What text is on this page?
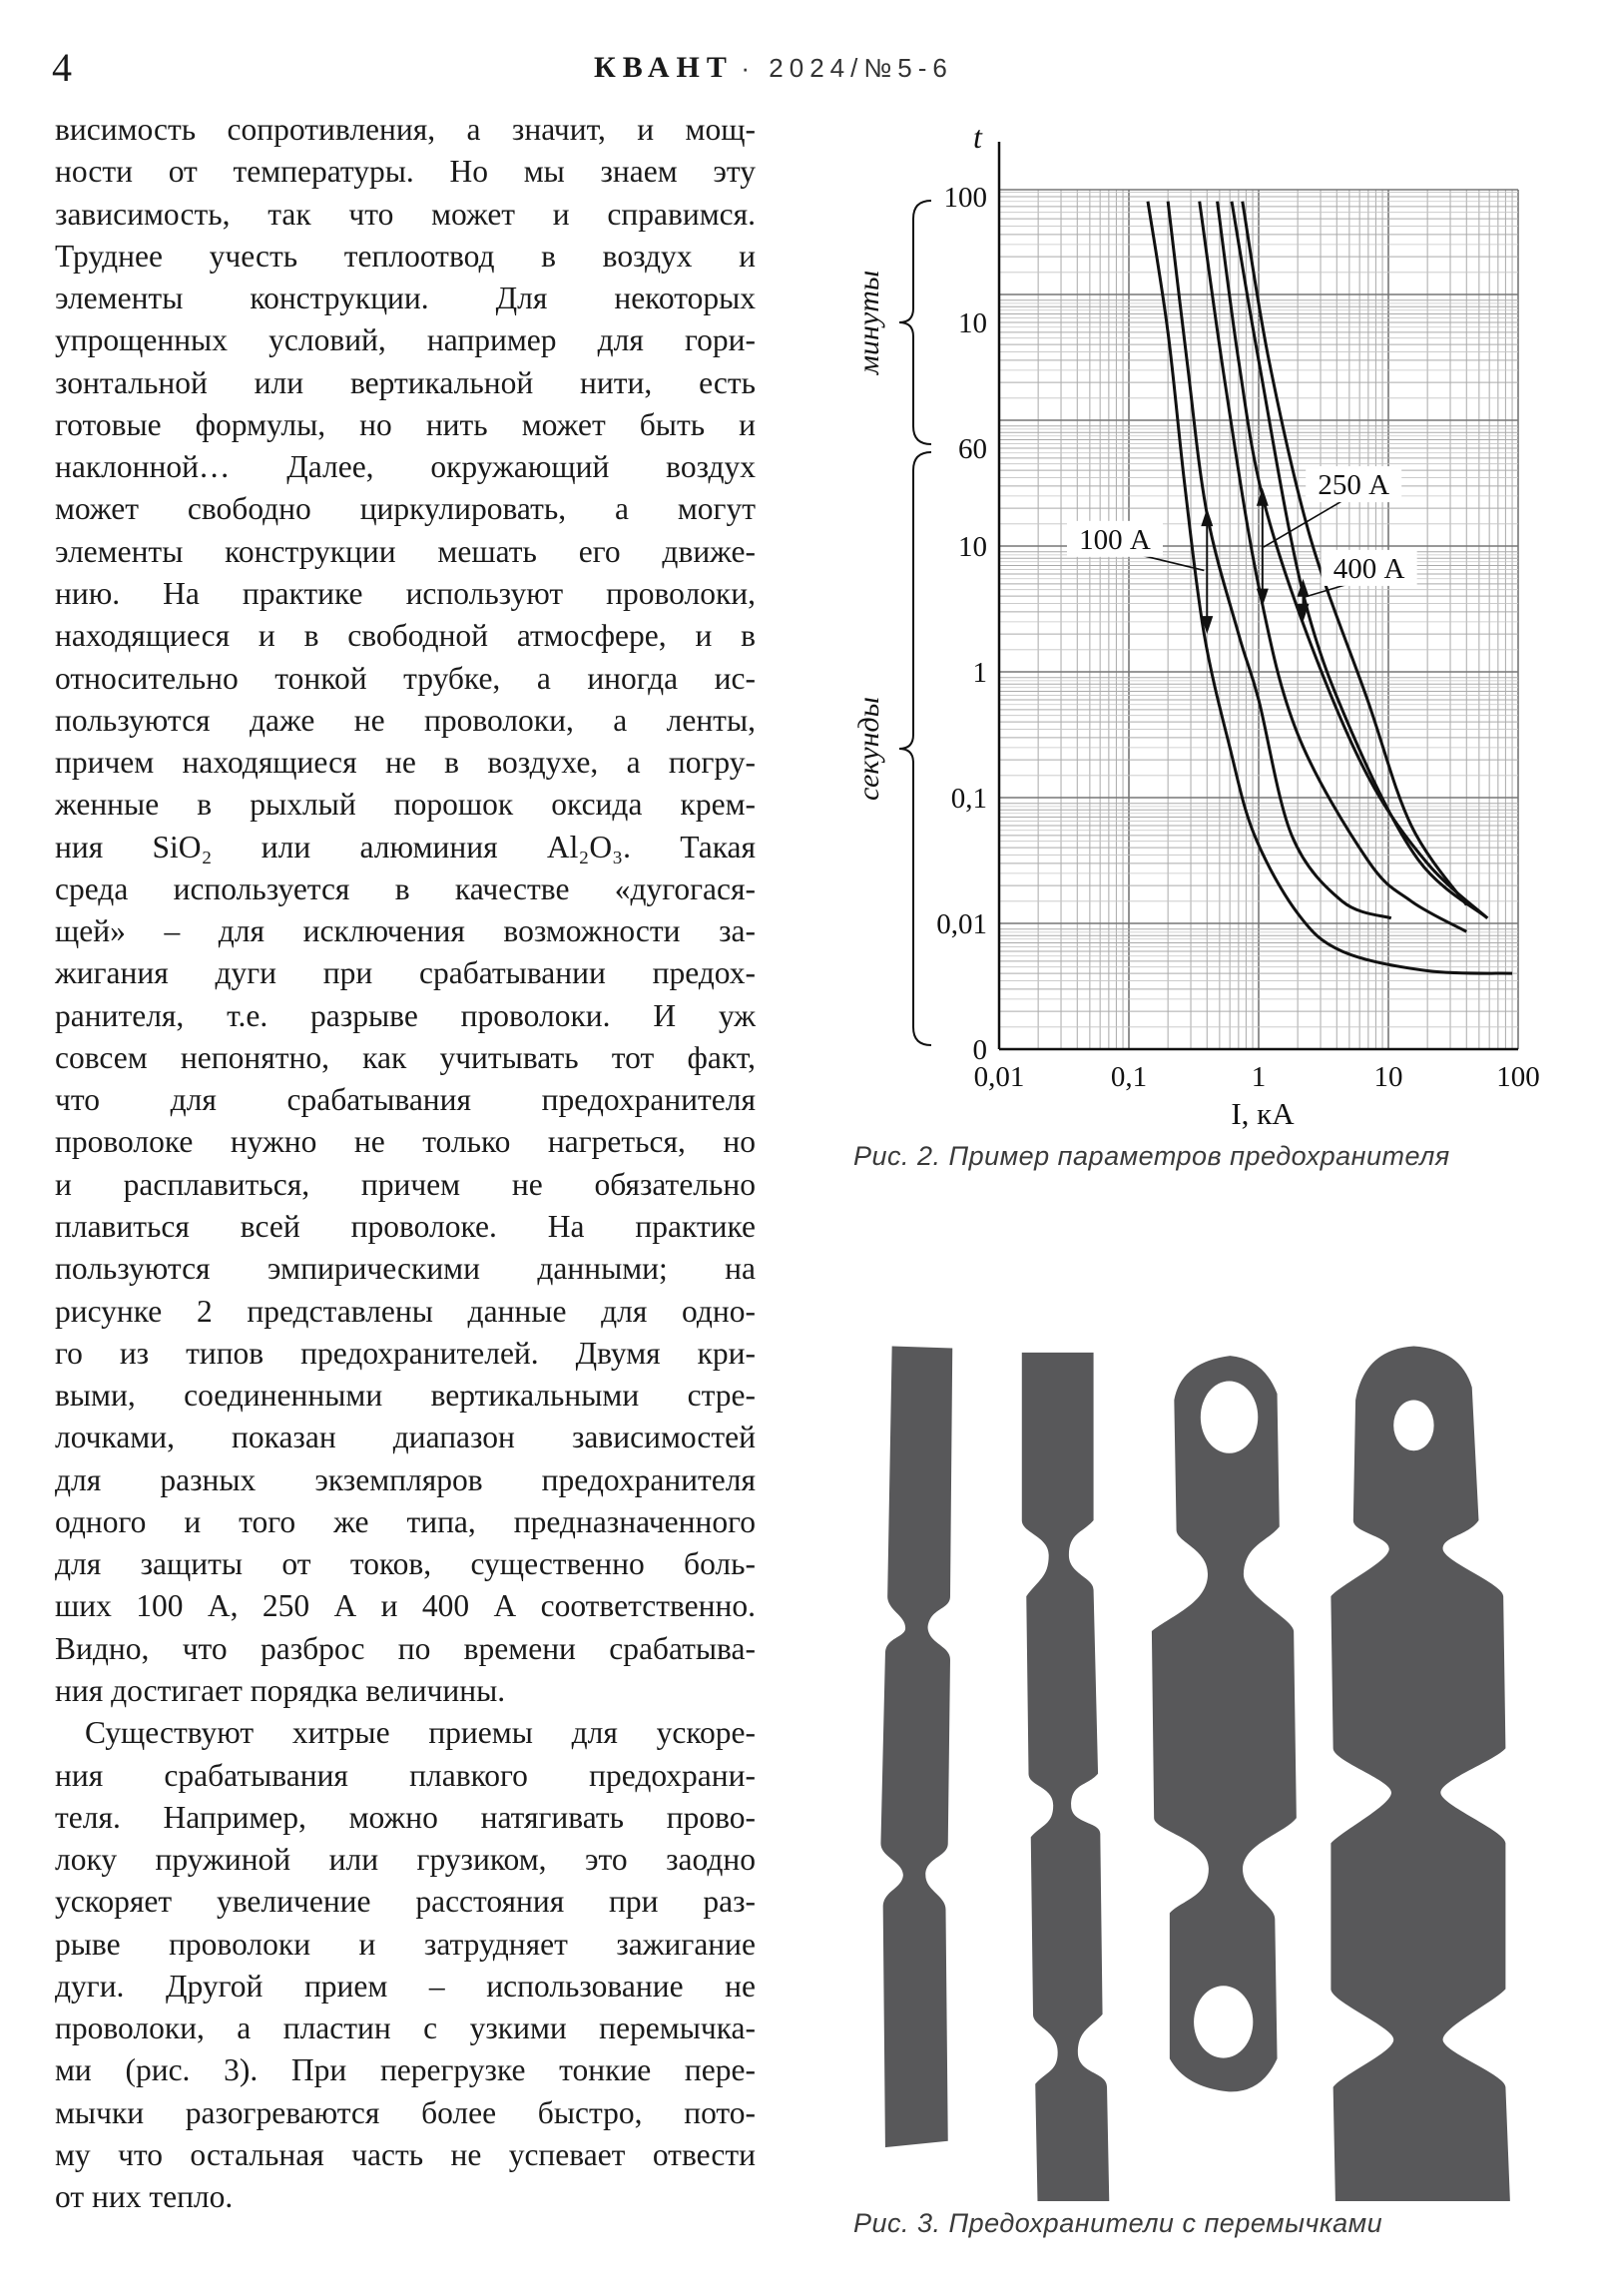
4	КВАНТ · 2024/№5-6
висимость сопротивления, а значит, и мощ-
ности от температуры. Но мы знаем эту
зависимость, так что может и справимся.
Труднее учесть теплоотвод в воздух и
элементы конструкции. Для некоторых
упрощенных условий, например для гори-
зонтальной или вертикальной нити, есть
готовые формулы, но нить может быть и
наклонной… Далее, окружающий воздух
может свободно циркулировать, а могут
элементы конструкции мешать его движе-
нию. На практике используют проволоки,
находящиеся и в свободной атмосфере, и в
относительно тонкой трубке, а иногда ис-
пользуются даже не проволоки, а ленты,
причем находящиеся не в воздухе, а погру-
женные в рыхлый порошок оксида крем-
ния SiO₂ или алюминия Al₂O₃. Такая
среда используется в качестве «дугогася-
щей» – для исключения возможности за-
жигания дуги при срабатывании предох-
ранителя, т.е. разрыве проволоки. И уж
совсем непонятно, как учитывать тот факт,
что для срабатывания предохранителя
проволоке нужно не только нагреться, но
и расплавиться, причем не обязательно
плавиться всей проволоке. На практике
пользуются эмпирическими данными; на
рисунке 2 представлены данные для одно-
го из типов предохранителей. Двумя кри-
выми, соединенными вертикальными стре-
лочками, показан диапазон зависимостей
для разных экземпляров предохранителя
одного и того же типа, предназначенного
для защиты от токов, существенно боль-
ших 100 А, 250 А и 400 А соответственно.
Видно, что разброс по времени срабатыва-
ния достигает порядка величины.
Существуют хитрые приемы для ускоре-
ния срабатывания плавкого предохрани-
теля. Например, можно натягивать прово-
локу пружиной или грузиком, это заодно
ускоряет увеличение расстояния при раз-
рыве проволоки и затрудняет зажигание
дуги. Другой прием – использование не
проволоки, а пластин с узкими перемычка-
ми (рис. 3). При перегрузке тонкие пере-
мычки разогреваются более быстро, пото-
му что остальная часть не успевает отвести
от них тепло.
0,01	0,1	1	10	100
100
10
60
10
1
0,1
0,01
0
t
I, кА
минуты
секунды
100 А
250 А
400 А
Рис. 2. Пример параметров предохранителя
Рис. 3. Предохранители с перемычками
